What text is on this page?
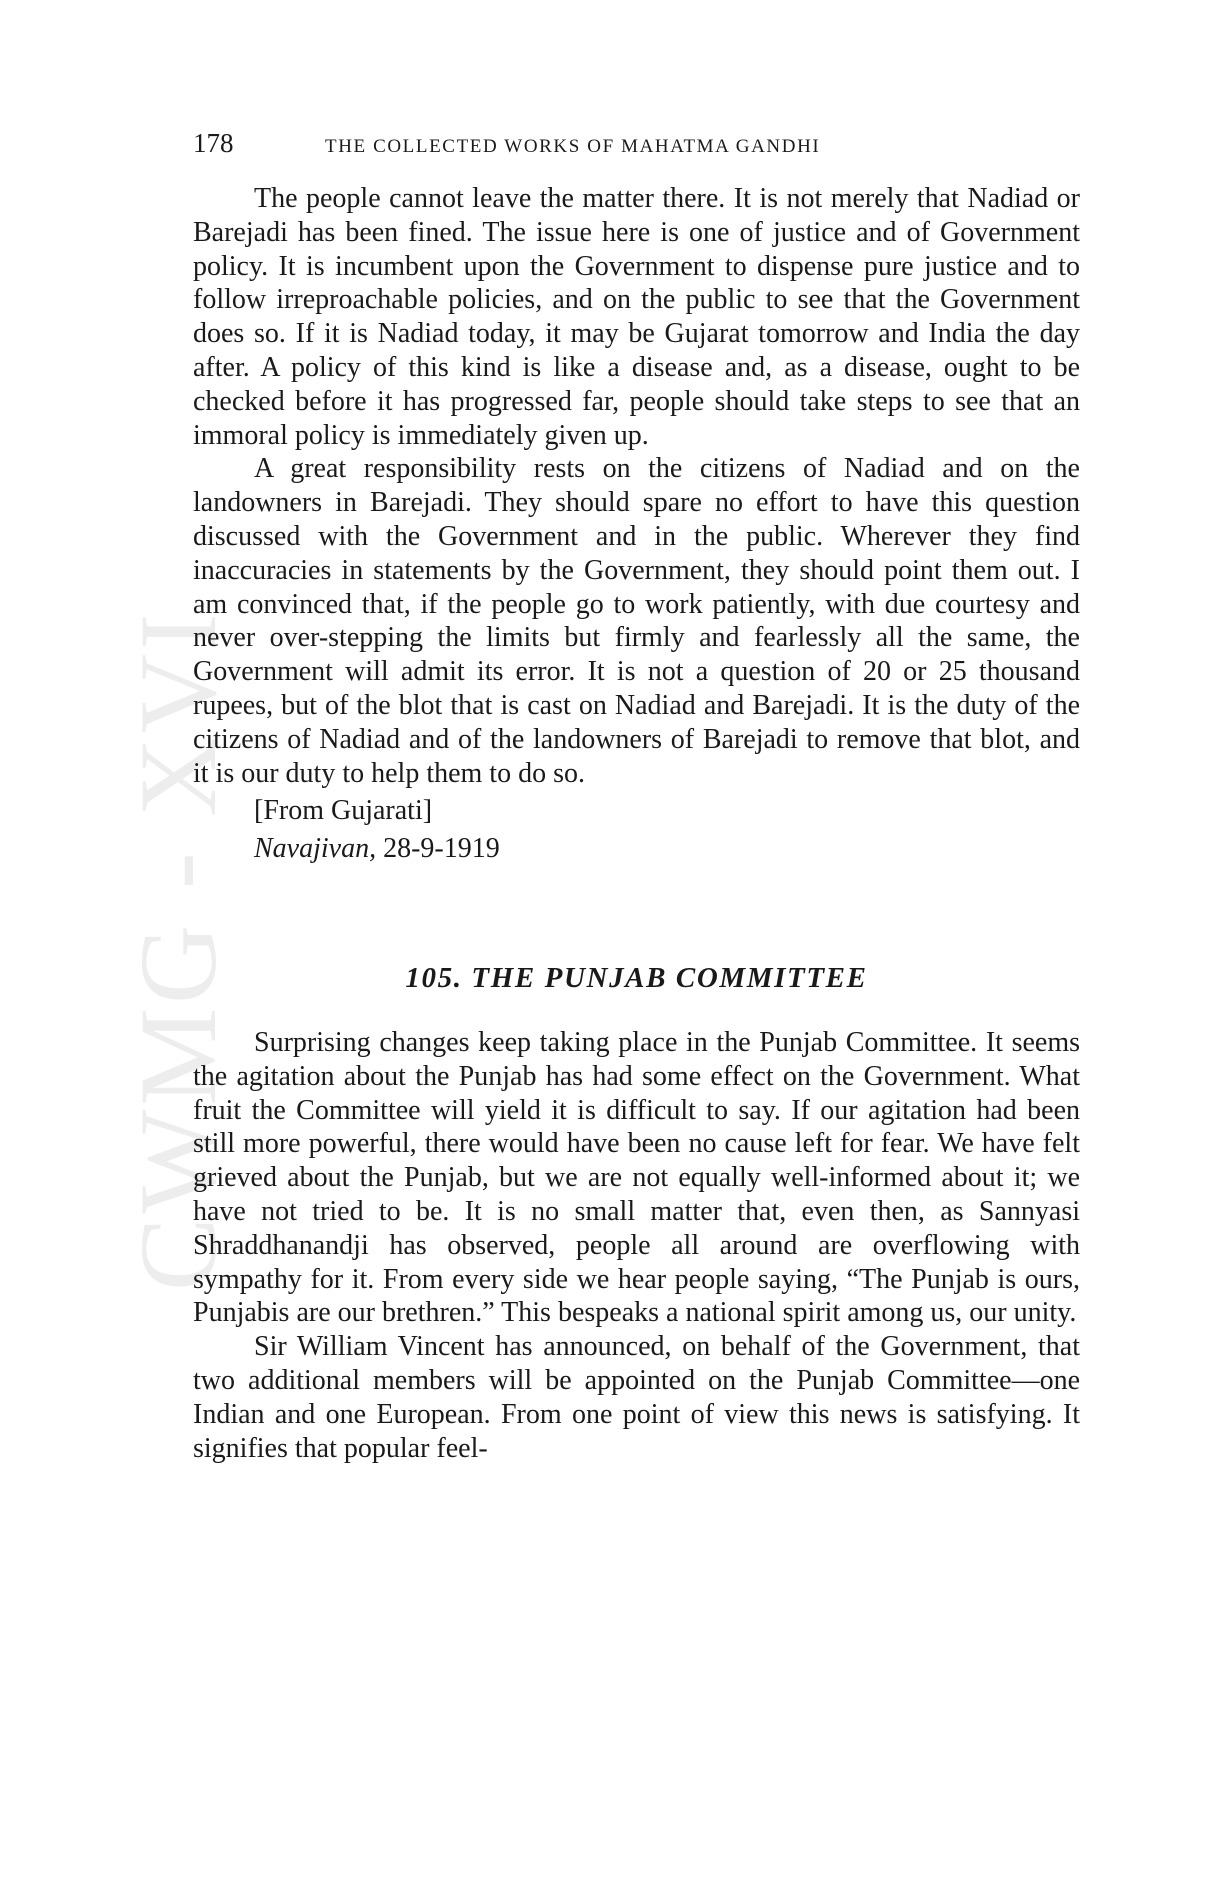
CWMG - XVI
178	THE COLLECTED WORKS OF MAHATMA GANDHI

The people cannot leave the matter there. It is not merely that Nadiad or Barejadi has been fined. The issue here is one of justice and of Government policy. It is incumbent upon the Government to dispense pure justice and to follow irreproachable policies, and on the public to see that the Government does so. If it is Nadiad today, it may be Gujarat tomorrow and India the day after. A policy of this kind is like a disease and, as a disease, ought to be checked before it has progressed far, people should take steps to see that an immoral policy is immediately given up.

A great responsibility rests on the citizens of Nadiad and on the landowners in Barejadi. They should spare no effort to have this question discussed with the Government and in the public. Wherever they find inaccuracies in statements by the Government, they should point them out. I am convinced that, if the people go to work patiently, with due courtesy and never over-stepping the limits but firmly and fearlessly all the same, the Government will admit its error. It is not a question of 20 or 25 thousand rupees, but of the blot that is cast on Nadiad and Barejadi. It is the duty of the citizens of Nadiad and of the landowners of Barejadi to remove that blot, and it is our duty to help them to do so.

[From Gujarati]

Navajivan, 28-9-1919

105. THE PUNJAB COMMITTEE

Surprising changes keep taking place in the Punjab Committee. It seems the agitation about the Punjab has had some effect on the Government. What fruit the Committee will yield it is difficult to say. If our agitation had been still more powerful, there would have been no cause left for fear. We have felt grieved about the Punjab, but we are not equally well-informed about it; we have not tried to be. It is no small matter that, even then, as Sannyasi Shraddhanandji has observed, people all around are overflowing with sympathy for it. From every side we hear people saying, “The Punjab is ours, Punjabis are our brethren.” This bespeaks a national spirit among us, our unity.

Sir William Vincent has announced, on behalf of the Government, that two additional members will be appointed on the Punjab Committee—one Indian and one European. From one point of view this news is satisfying. It signifies that popular feel-
